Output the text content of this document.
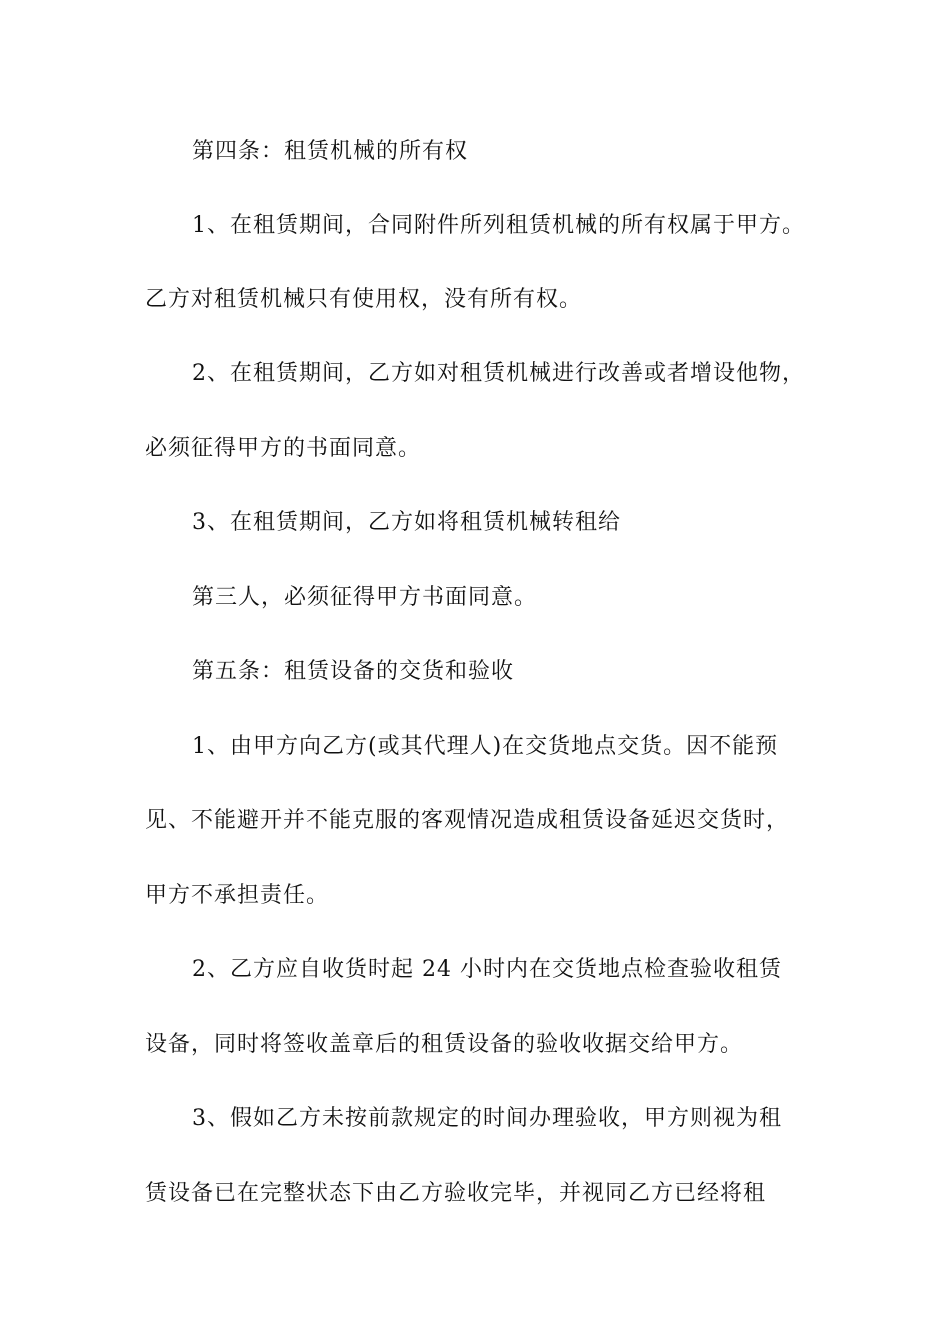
第四条：租赁机械的所有权
1、在租赁期间，合同附件所列租赁机械的所有权属于甲方。
乙方对租赁机械只有使用权，没有所有权。
2、在租赁期间，乙方如对租赁机械进行改善或者增设他物，
必须征得甲方的书面同意。
3、在租赁期间，乙方如将租赁机械转租给
第三人，必须征得甲方书面同意。
第五条：租赁设备的交货和验收
1、由甲方向乙方(或其代理人)在交货地点交货。因不能预
见、不能避开并不能克服的客观情况造成租赁设备延迟交货时，
甲方不承担责任。
2、乙方应自收货时起 24 小时内在交货地点检查验收租赁
设备，同时将签收盖章后的租赁设备的验收收据交给甲方。
3、假如乙方未按前款规定的时间办理验收，甲方则视为租
赁设备已在完整状态下由乙方验收完毕，并视同乙方已经将租
